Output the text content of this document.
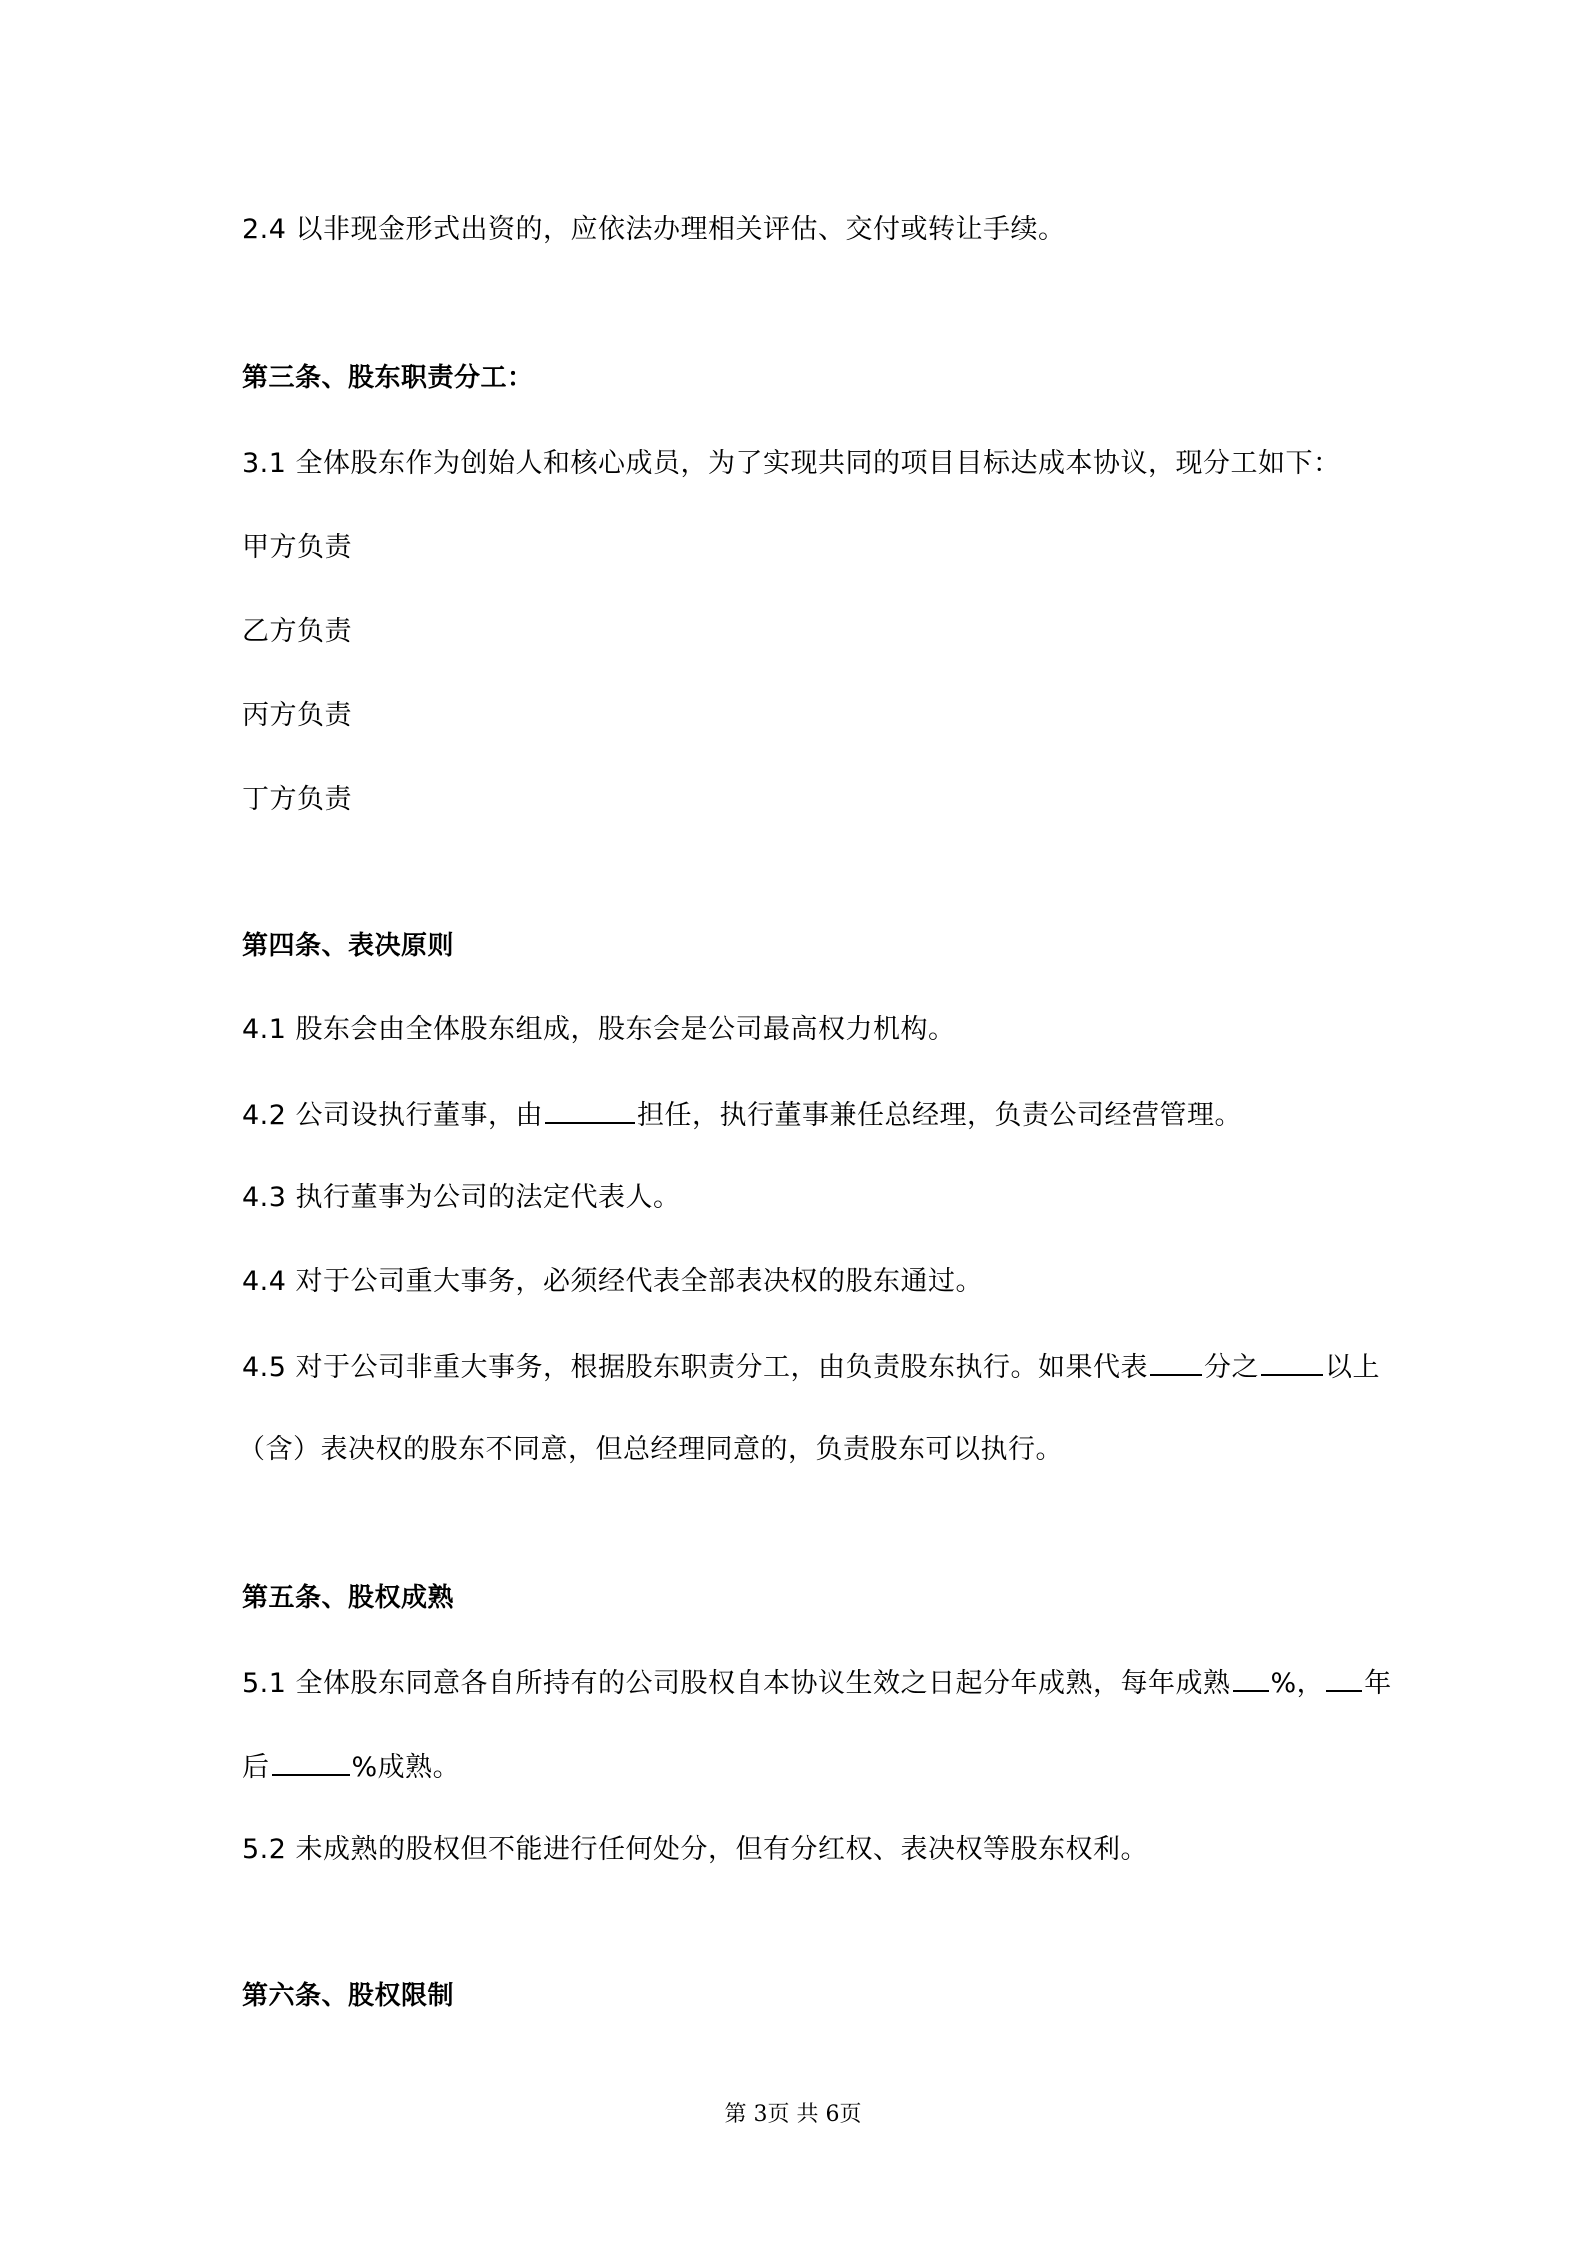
2.4 以非现金形式出资的，应依法办理相关评估、交付或转让手续。
第三条、股东职责分工：
3.1 全体股东作为创始人和核心成员，为了实现共同的项目目标达成本协议，现分工如下：
甲方负责
乙方负责
丙方负责
丁方负责
第四条、表决原则
4.1 股东会由全体股东组成，股东会是公司最高权力机构。
4.2 公司设执行董事，由	担任，执行董事兼任总经理，负责公司经营管理。
4.3 执行董事为公司的法定代表人。
4.4 对于公司重大事务，必须经代表全部表决权的股东通过。
4.5 对于公司非重大事务，根据股东职责分工，由负责股东执行。如果代表 分之 以上
（含）表决权的股东不同意，但总经理同意的，负责股东可以执行。
第五条、股权成熟
5.1 全体股东同意各自所持有的公司股权自本协议生效之日起分年成熟，每年成熟 %， 年
后	%成熟。
5.2 未成熟的股权但不能进行任何处分，但有分红权、表决权等股东权利。
第六条、股权限制
第 3页 共 6页
